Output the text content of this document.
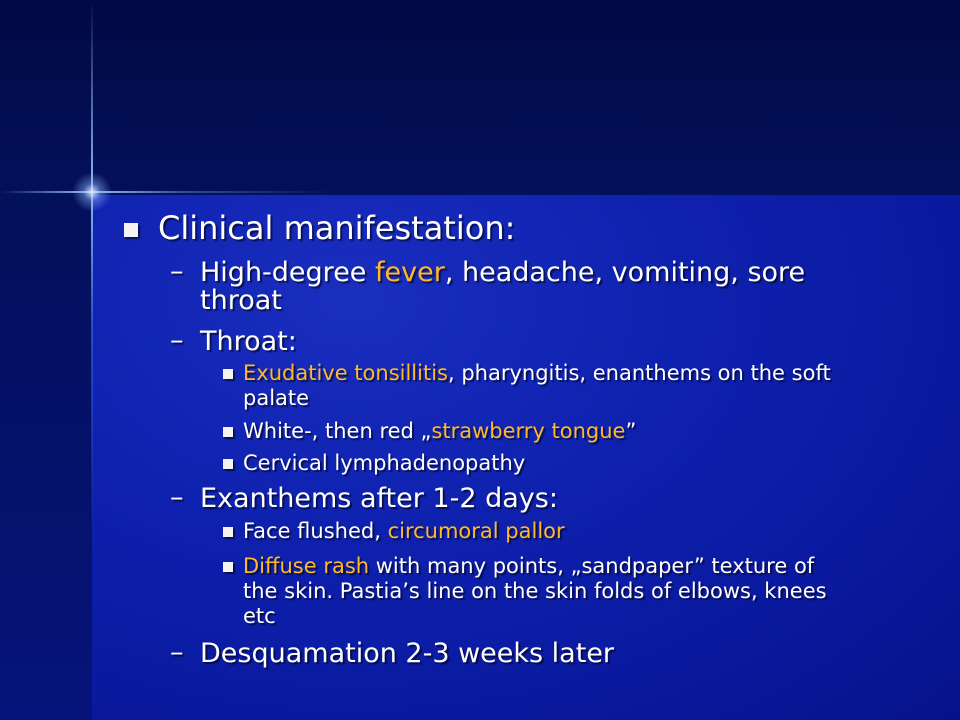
Clinical manifestation:

– High-degree fever, headache, vomiting, sore

throat

– Throat:

Exudative tonsillitis, pharyngitis, enanthems on the soft

palate

White-, then red „strawberry tongue”

Cervical lymphadenopathy

– Exanthems after 1-2 days:

Face flushed, circumoral pallor

Diffuse rash with many points, „sandpaper” texture of

the skin. Pastia’s line on the skin folds of elbows, knees

etc

– Desquamation 2-3 weeks later
